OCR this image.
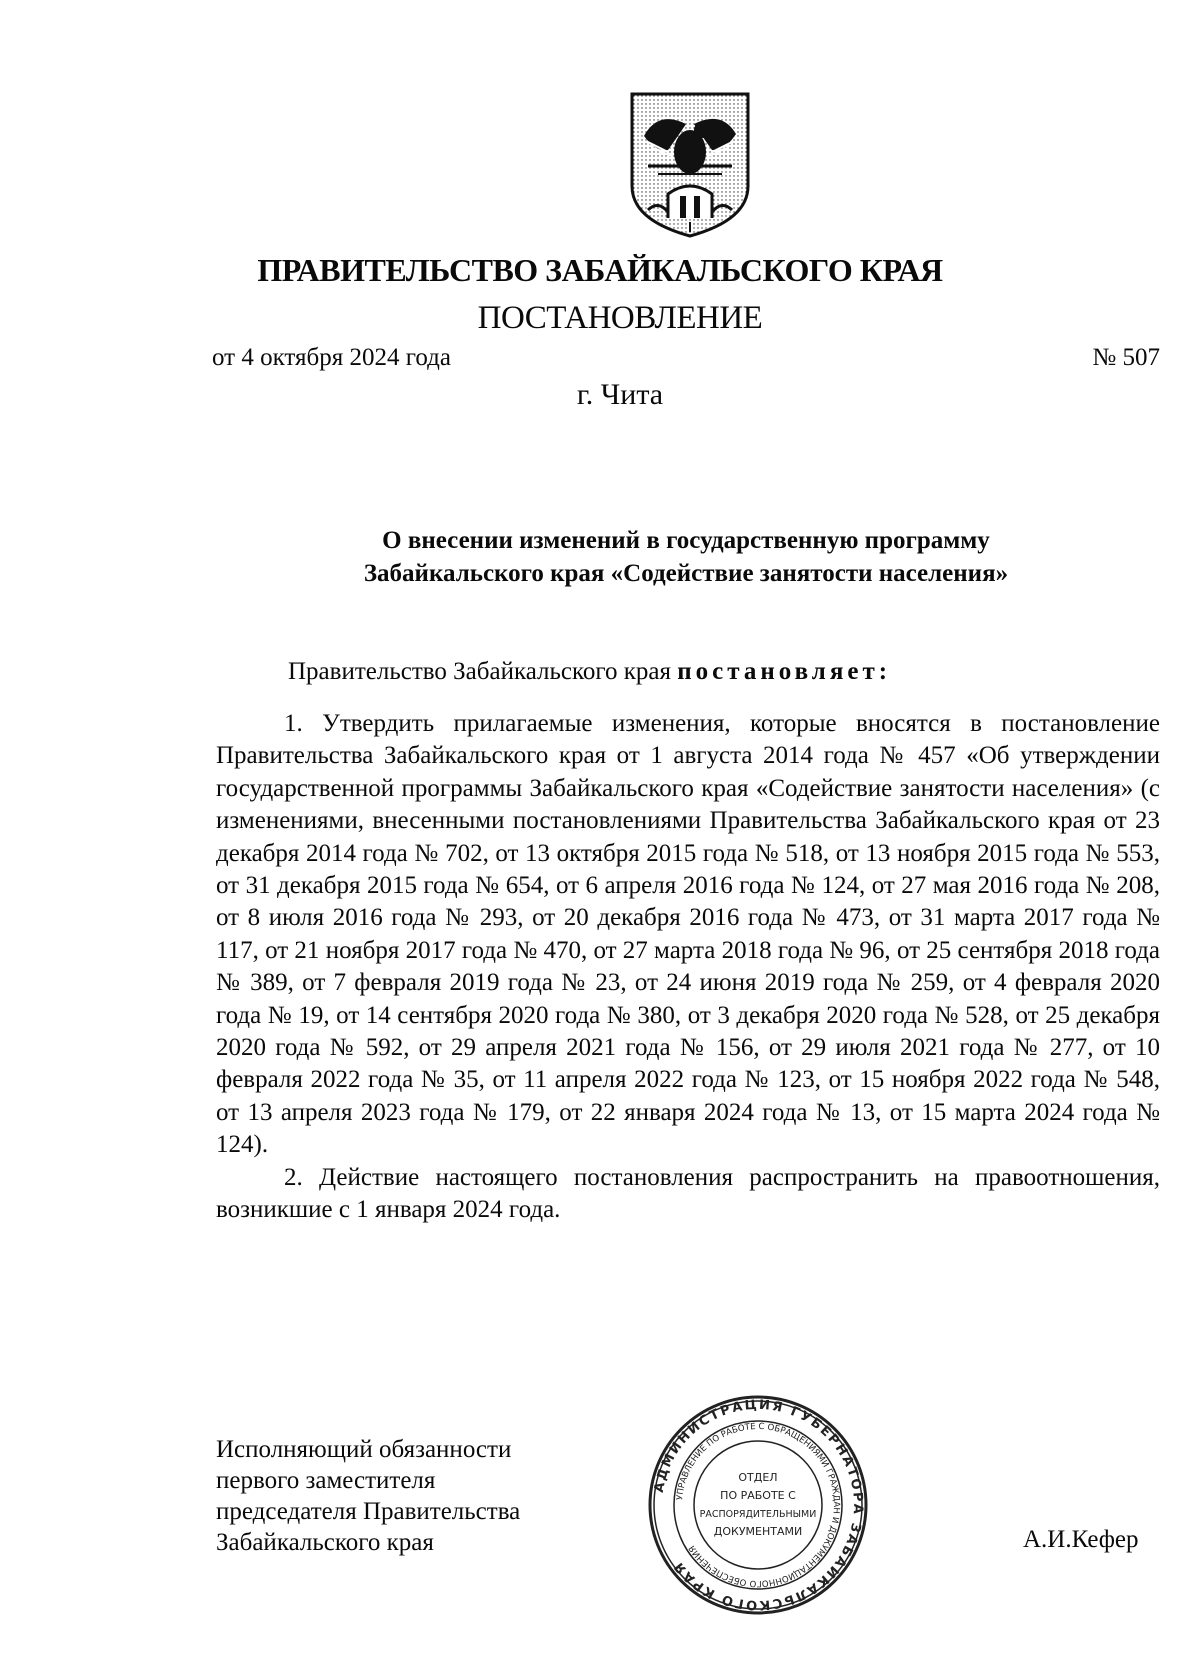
ПРАВИТЕЛЬСТВО ЗАБАЙКАЛЬСКОГО КРАЯ
ПОСТАНОВЛЕНИЕ
от 4 октября 2024 года	№ 507
г. Чита
О внесении изменений в государственную программу
Забайкальского края «Содействие занятости населения»
Правительство Забайкальского края постановляет:

1. Утвердить прилагаемые изменения, которые вносятся в постановление Правительства Забайкальского края от 1 августа 2014 года № 457 «Об утверждении государственной программы Забайкальского края «Содействие занятости населения» (с изменениями, внесенными постановлениями Правительства Забайкальского края от 23 декабря 2014 года № 702, от 13 октября 2015 года № 518, от 13 ноября 2015 года № 553, от 31 декабря 2015 года № 654, от 6 апреля 2016 года № 124, от 27 мая 2016 года № 208, от 8 июля 2016 года № 293, от 20 декабря 2016 года № 473, от 31 марта 2017 года № 117, от 21 ноября 2017 года № 470, от 27 марта 2018 года № 96, от 25 сентября 2018 года № 389, от 7 февраля 2019 года № 23, от 24 июня 2019 года № 259, от 4 февраля 2020 года № 19, от 14 сентября 2020 года № 380, от 3 декабря 2020 года № 528, от 25 декабря 2020 года № 592, от 29 апреля 2021 года № 156, от 29 июля 2021 года № 277, от 10 февраля 2022 года № 35, от 11 апреля 2022 года № 123, от 15 ноября 2022 года № 548, от 13 апреля 2023 года № 179, от 22 января 2024 года № 13, от 15 марта 2024 года № 124).

2. Действие настоящего постановления распространить на правоотношения, возникшие с 1 января 2024 года.

Исполняющий обязанности
первого заместителя
председателя Правительства
Забайкальского края
АДМИНИСТРАЦИЯ ГУБЕРНАТОРА ЗАБАЙКАЛЬСКОГО КРАЯ
УПРАВЛЕНИЕ ПО РАБОТЕ С ОБРАЩЕНИЯМИ ГРАЖДАН И ДОКУМЕНТАЦИОННОГО ОБЕСПЕЧЕНИЯ
ОТДЕЛ
ПО РАБОТЕ С
РАСПОРЯДИТЕЛЬНЫМИ
ДОКУМЕНТАМИ	А.И.Кефер
